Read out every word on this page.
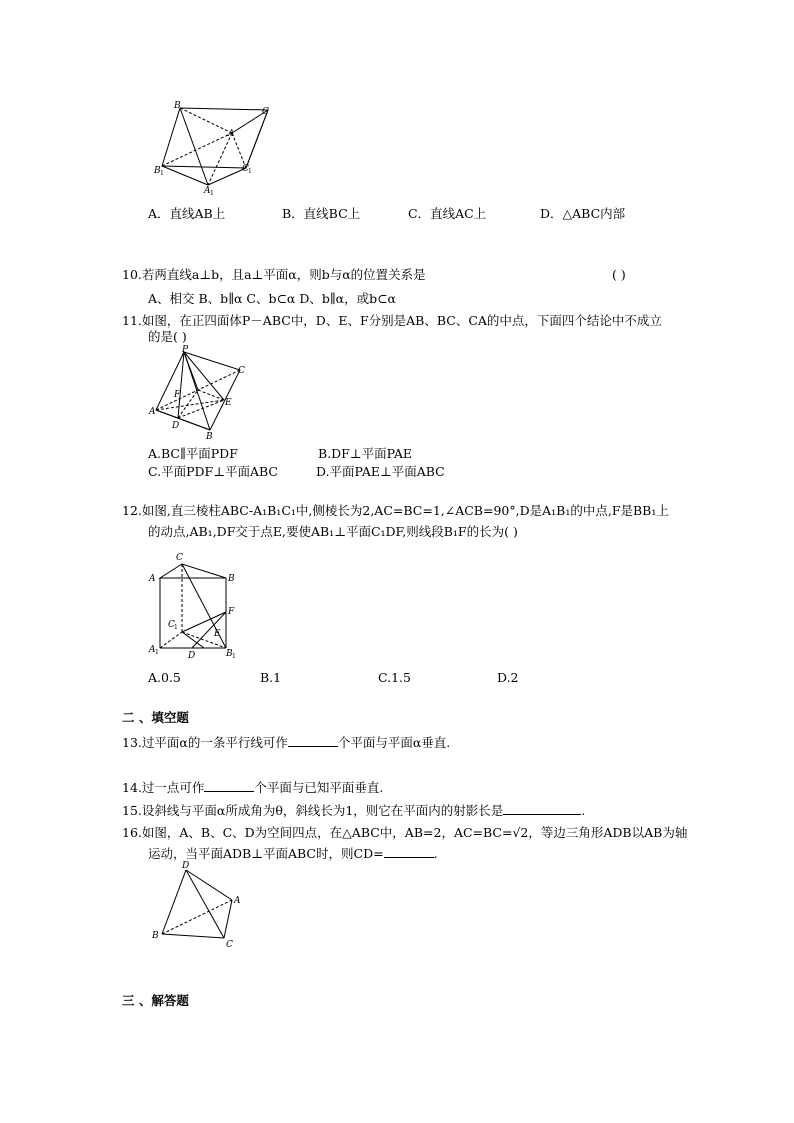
B
C
A
B 1	C 1
A 1
A．直线AB上	B．直线BC上	C．直线AC上	D．△ABC内部
10.若两直线a⊥b，且a⊥平面α，则b与α的位置关系是	( )
A、相交 B、b∥α C、b⊂α D、b∥α，或b⊂α
11.如图，在正四面体P－ABC中，D、E、F分别是AB、BC、CA的中点，下面四个结论中不成立
的是( )
P
C
F
E
A
D
B
A.BC∥平面PDF	B.DF⊥平面PAE
C.平面PDF⊥平面ABC	D.平面PAE⊥平面ABC
12.如图,直三棱柱ABC-A₁B₁C₁中,侧棱长为2,AC=BC=1,∠ACB=90°,D是A₁B₁的中点,F是BB₁上
的动点,AB₁,DF交于点E,要使AB₁⊥平面C₁DF,则线段B₁F的长为( )
C
A	B
F
C 1
E
A 1	D	B 1
A.0.5	B.1	C.1.5	D.2
二 、填空题
13.过平面α的一条平行线可作	个平面与平面α垂直.
14.过一点可作	个平面与已知平面垂直.
15.设斜线与平面α所成角为θ，斜线长为1，则它在平面内的射影长是	.
16.如图，A、B、C、D为空间四点，在△ABC中，AB=2，AC=BC=√2，等边三角形ADB以AB为轴
运动，当平面ADB⊥平面ABC时，则CD=	.
D
A
B
C
三 、解答题
